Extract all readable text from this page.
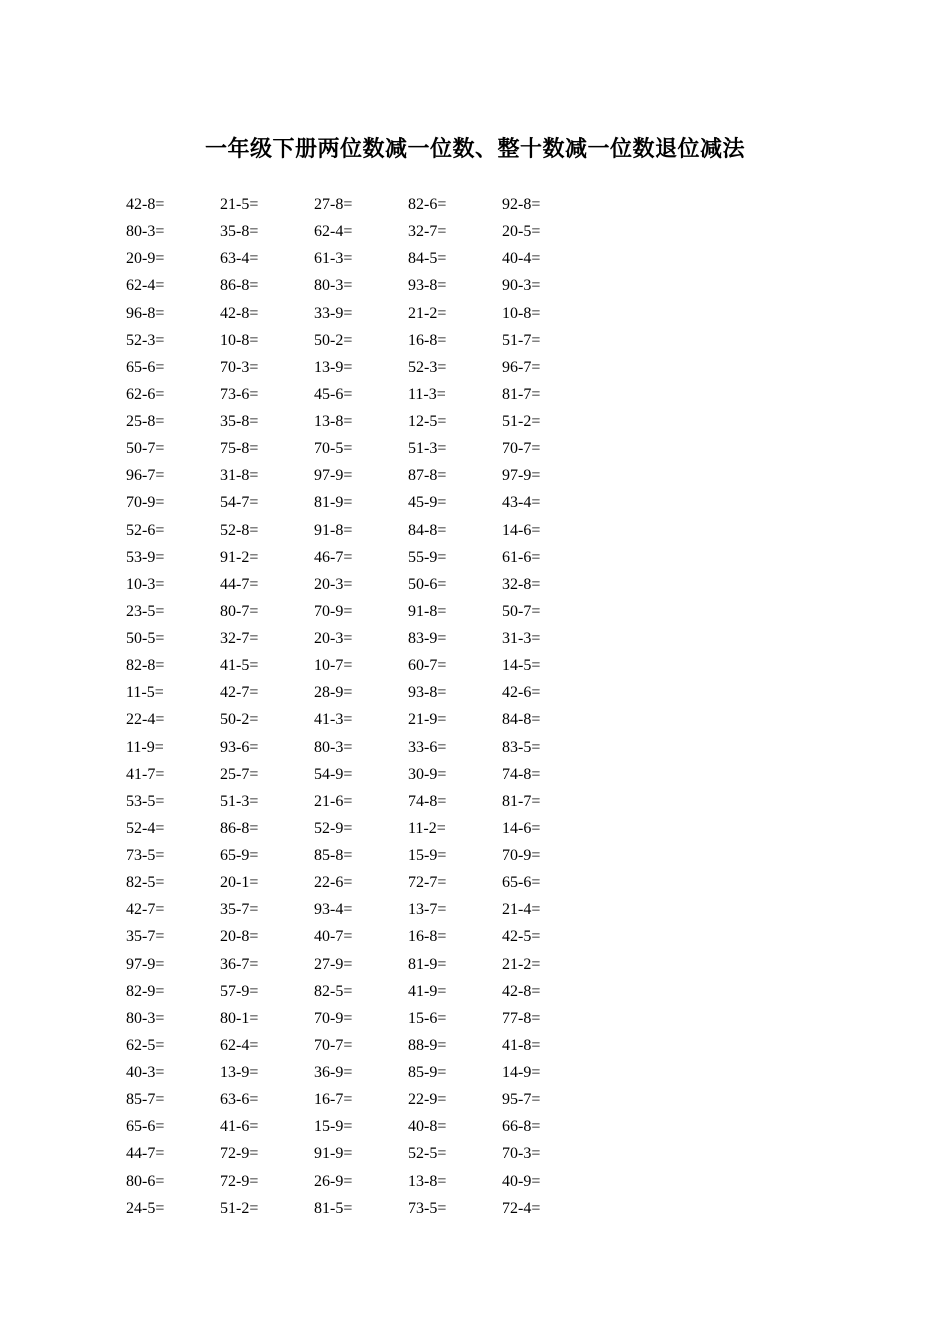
一年级下册两位数减一位数、整十数减一位数退位减法
42-8=	21-5=	27-8=	82-6=	92-8=
80-3=	35-8=	62-4=	32-7=	20-5=
20-9=	63-4=	61-3=	84-5=	40-4=
62-4=	86-8=	80-3=	93-8=	90-3=
96-8=	42-8=	33-9=	21-2=	10-8=
52-3=	10-8=	50-2=	16-8=	51-7=
65-6=	70-3=	13-9=	52-3=	96-7=
62-6=	73-6=	45-6=	11-3=	81-7=
25-8=	35-8=	13-8=	12-5=	51-2=
50-7=	75-8=	70-5=	51-3=	70-7=
96-7=	31-8=	97-9=	87-8=	97-9=
70-9=	54-7=	81-9=	45-9=	43-4=
52-6=	52-8=	91-8=	84-8=	14-6=
53-9=	91-2=	46-7=	55-9=	61-6=
10-3=	44-7=	20-3=	50-6=	32-8=
23-5=	80-7=	70-9=	91-8=	50-7=
50-5=	32-7=	20-3=	83-9=	31-3=
82-8=	41-5=	10-7=	60-7=	14-5=
11-5=	42-7=	28-9=	93-8=	42-6=
22-4=	50-2=	41-3=	21-9=	84-8=
11-9=	93-6=	80-3=	33-6=	83-5=
41-7=	25-7=	54-9=	30-9=	74-8=
53-5=	51-3=	21-6=	74-8=	81-7=
52-4=	86-8=	52-9=	11-2=	14-6=
73-5=	65-9=	85-8=	15-9=	70-9=
82-5=	20-1=	22-6=	72-7=	65-6=
42-7=	35-7=	93-4=	13-7=	21-4=
35-7=	20-8=	40-7=	16-8=	42-5=
97-9=	36-7=	27-9=	81-9=	21-2=
82-9=	57-9=	82-5=	41-9=	42-8=
80-3=	80-1=	70-9=	15-6=	77-8=
62-5=	62-4=	70-7=	88-9=	41-8=
40-3=	13-9=	36-9=	85-9=	14-9=
85-7=	63-6=	16-7=	22-9=	95-7=
65-6=	41-6=	15-9=	40-8=	66-8=
44-7=	72-9=	91-9=	52-5=	70-3=
80-6=	72-9=	26-9=	13-8=	40-9=
24-5=	51-2=	81-5=	73-5=	72-4=
